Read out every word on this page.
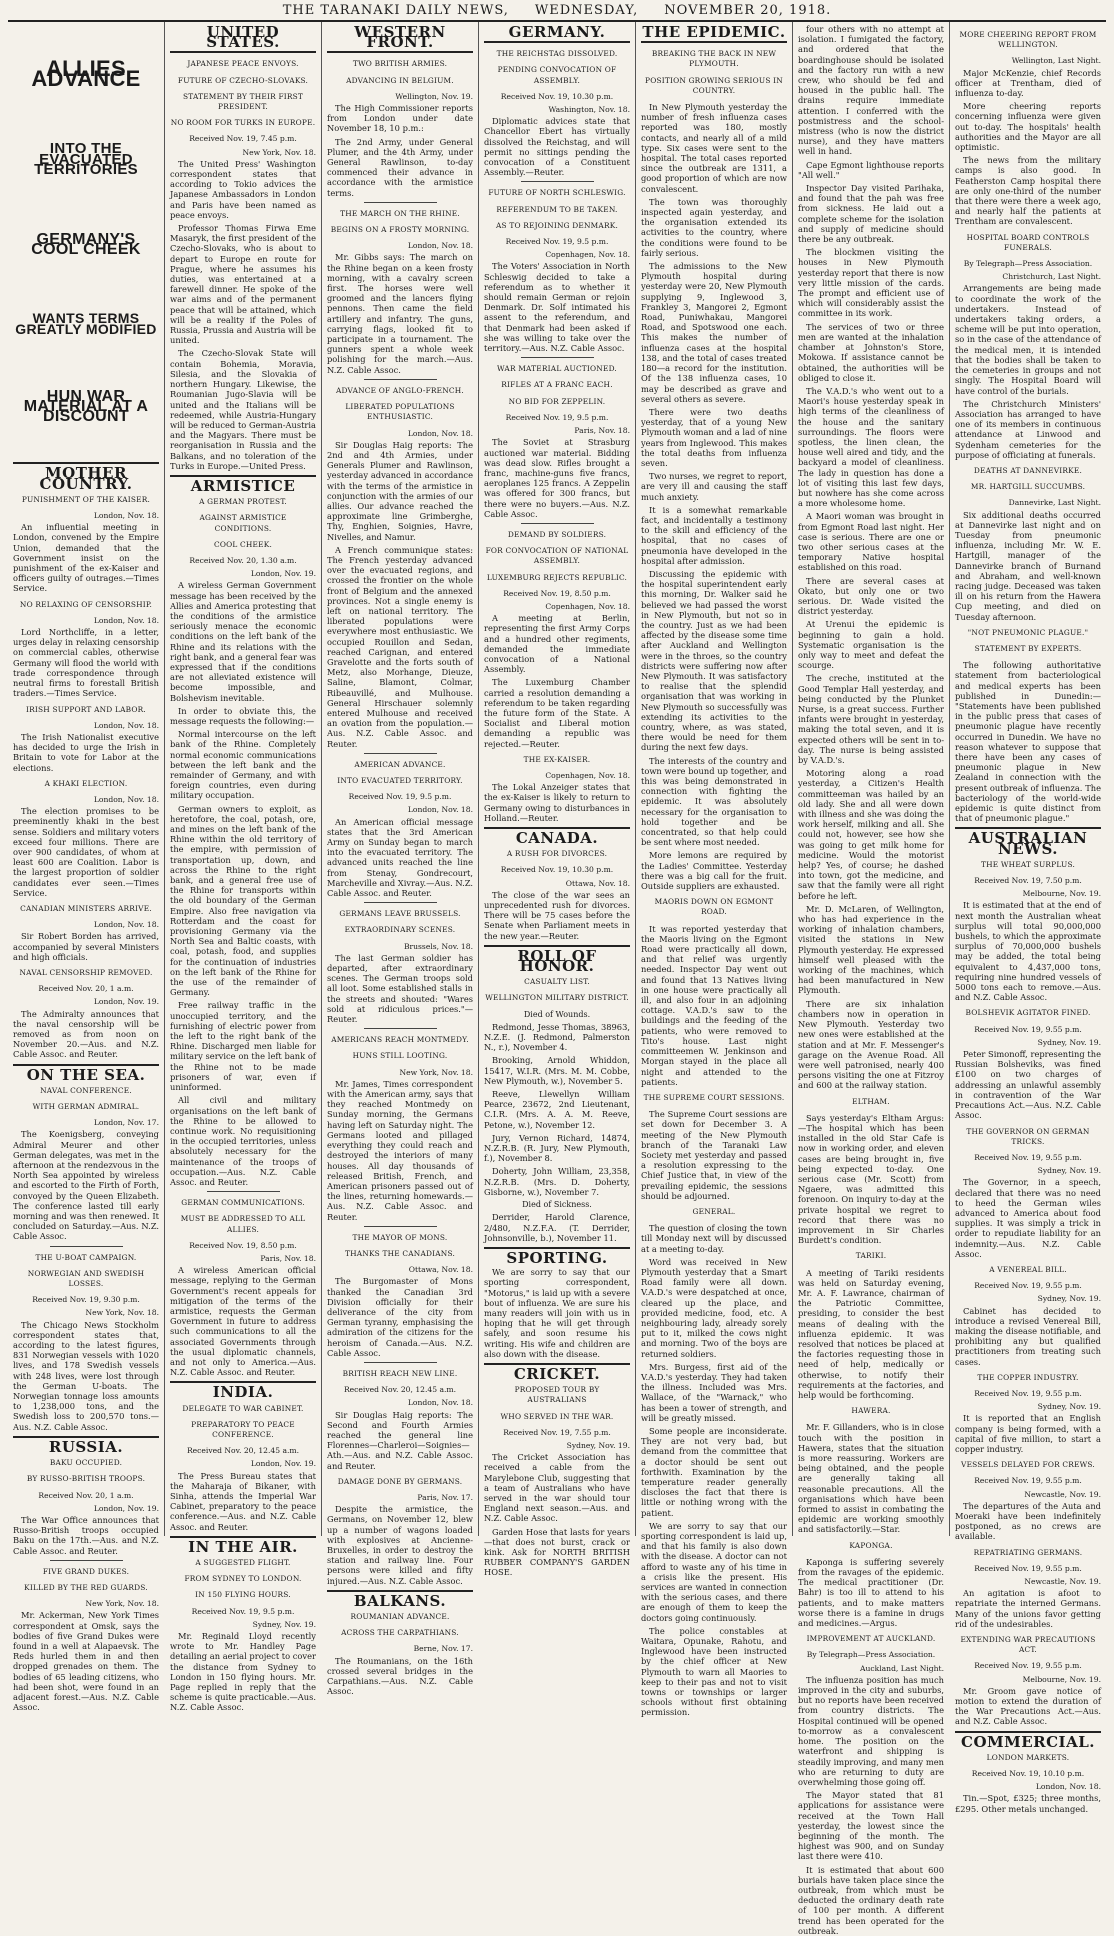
THE TARANAKI DAILY NEWS, WEDNESDAY, NOVEMBER 20, 1918.
ALLIES ADVANCE
INTO THE EVACUATED TERRITORIES
GERMANY'S COOL CHEEK
WANTS TERMS GREATLY MODIFIED
HUN WAR MATERIAL AT A DISCOUNT
MOTHER COUNTRY.
PUNISHMENT OF THE KAISER.
London, Nov. 18.

An influential meeting in London, convened by the Empire Union, demanded that the Government insist on the punishment of the ex-Kaiser and officers guilty of outrages.—Times Service.

NO RELAXING OF CENSORSHIP.
London, Nov. 18.

Lord Northcliffe, in a letter, urges delay in relaxing censorship on commercial cables, otherwise Germany will flood the world with trade correspondence through neutral firms to forestall British traders.—Times Service.

IRISH SUPPORT AND LABOR.
London, Nov. 18.

The Irish Nationalist executive has decided to urge the Irish in Britain to vote for Labor at the elections.

A KHAKI ELECTION.
London, Nov. 18.

The election promises to be preeminently khaki in the best sense. Soldiers and military voters exceed four millions. There are over 900 candidates, of whom at least 600 are Coalition. Labor is the largest proportion of soldier candidates ever seen.—Times Service.

CANADIAN MINISTERS ARRIVE.
London, Nov. 18.

Sir Robert Borden has arrived, accompanied by several Ministers and high officials.

NAVAL CENSORSHIP REMOVED.
Received Nov. 20, 1 a.m.
London, Nov. 19.

The Admiralty announces that the naval censorship will be removed as from noon on November 20.—Aus. and N.Z. Cable Assoc. and Reuter.

ON THE SEA.
NAVAL CONFERENCE.
WITH GERMAN ADMIRAL.
London, Nov. 17.

The Koenigsberg, conveying Admiral Meurer and other German delegates, was met in the afternoon at the rendezvous in the North Sea appointed by wireless and escorted to the Firth of Forth, convoyed by the Queen Elizabeth. The conference lasted till early morning and was then renewed. It concluded on Saturday.—Aus. N.Z. Cable Assoc.

THE U-BOAT CAMPAIGN.
NORWEGIAN AND SWEDISH LOSSES.
Received Nov. 19, 9.30 p.m.
New York, Nov. 18.

The Chicago News Stockholm correspondent states that, according to the latest figures, 831 Norwegian vessels with 1020 lives, and 178 Swedish vessels with 248 lives, were lost through the German U-boats. The Norwegian tonnage loss amounts to 1,238,000 tons, and the Swedish loss to 200,570 tons.—Aus. N.Z. Cable Assoc.

RUSSIA.
BAKU OCCUPIED.
BY RUSSO-BRITISH TROOPS.
Received Nov. 20, 1 a.m.
London, Nov. 19.

The War Office announces that Russo-British troops occupied Baku on the 17th.—Aus. and N.Z. Cable Assoc. and Reuter.

FIVE GRAND DUKES.
KILLED BY THE RED GUARDS.
New York, Nov. 18.

Mr. Ackerman, New York Times correspondent at Omsk, says the bodies of five Grand Dukes were found in a well at Alapaevsk. The Reds hurled them in and then dropped grenades on them. The bodies of 65 leading citizens, who had been shot, were found in an adjacent forest.—Aus. N.Z. Cable Assoc.

UNITED STATES.
JAPANESE PEACE ENVOYS.
FUTURE OF CZECHO-SLOVAKS.
STATEMENT BY THEIR FIRST PRESIDENT.
NO ROOM FOR TURKS IN EUROPE.
Received Nov. 19, 7.45 p.m.
New York, Nov. 18.

The United Press' Washington correspondent states that according to Tokio advices the Japanese Ambassadors in London and Paris have been named as peace envoys.

Professor Thomas Firwa Eme Masaryk, the first president of the Czecho-Slovaks, who is about to depart to Europe en route for Prague, where he assumes his duties, was entertained at a farewell dinner. He spoke of the war aims and of the permanent peace that will be attained, which will be a reality if the Poles of Russia, Prussia and Austria will be united.

The Czecho-Slovak State will contain Bohemia, Moravia, Silesia, and the Slovakia of northern Hungary. Likewise, the Roumanian Jugo-Slavia will be united and the Italians will be redeemed, while Austria-Hungary will be reduced to German-Austria and the Magyars. There must be reorganisation in Russia and the Balkans, and no toleration of the Turks in Europe.—United Press.

ARMISTICE
A GERMAN PROTEST.
AGAINST ARMISTICE CONDITIONS.
COOL CHEEK.
Received Nov. 20, 1.30 a.m.
London, Nov. 19.

A wireless German Government message has been received by the Allies and America protesting that the conditions of the armistice seriously menace the economic conditions on the left bank of the Rhine and its relations with the right bank, and a general fear was expressed that if the conditions are not alleviated existence will become impossible, and Bolshevism inevitable.

In order to obviate this, the message requests the following:—

Normal intercourse on the left bank of the Rhine. Completely normal economic communications between the left bank and the remainder of Germany, and with foreign countries, even during military occupation.

German owners to exploit, as heretofore, the coal, potash, ore, and mines on the left bank of the Rhine within the old territory of the empire, with permission of transportation up, down, and across the Rhine to the right bank, and a general free use of the Rhine for transports within the old boundary of the German Empire. Also free navigation via Rotterdam and the coast for provisioning Germany via the North Sea and Baltic coasts, with coal, potash, food, and supplies for the continuation of industries on the left bank of the Rhine for the use of the remainder of Germany.

Free railway traffic in the unoccupied territory, and the furnishing of electric power from the left to the right bank of the Rhine. Discharged men liable for military service on the left bank of the Rhine not to be made prisoners of war, even if uninformed.

All civil and military organisations on the left bank of the Rhine to be allowed to continue work. No requisitioning in the occupied territories, unless absolutely necessary for the maintenance of the troops of occupation.—Aus. N.Z. Cable Assoc. and Reuter.

GERMAN COMMUNICATIONS.
MUST BE ADDRESSED TO ALL ALLIES.
Received Nov. 19, 8.50 p.m.
Paris, Nov. 18.

A wireless American official message, replying to the German Government's recent appeals for mitigation of the terms of the armistice, requests the German Government in future to address such communications to all the associated Governments through the usual diplomatic channels, and not only to America.—Aus. N.Z. Cable Assoc. and Reuter.

INDIA.
DELEGATE TO WAR CABINET.
PREPARATORY TO PEACE CONFERENCE.
Received Nov. 20, 12.45 a.m.
London, Nov. 19.

The Press Bureau states that the Maharaja of Bikaner, with Sinha, attends the Imperial War Cabinet, preparatory to the peace conference.—Aus. and N.Z. Cable Assoc. and Reuter.

IN THE AIR.
A SUGGESTED FLIGHT.
FROM SYDNEY TO LONDON.
IN 150 FLYING HOURS.
Received Nov. 19, 9.5 p.m.
Sydney, Nov. 19.

Mr. Reginald Lloyd recently wrote to Mr. Handley Page detailing an aerial project to cover the distance from Sydney to London in 150 flying hours. Mr. Page replied in reply that the scheme is quite practicable.—Aus. N.Z. Cable Assoc.

WESTERN FRONT.
TWO BRITISH ARMIES.
ADVANCING IN BELGIUM.
Wellington, Nov. 19.

The High Commissioner reports from London under date November 18, 10 p.m.:

The 2nd Army, under General Plumer, and the 4th Army, under General Rawlinson, to-day commenced their advance in accordance with the armistice terms.

THE MARCH ON THE RHINE.
BEGINS ON A FROSTY MORNING.
London, Nov. 18.

Mr. Gibbs says: The march on the Rhine began on a keen frosty morning, with a cavalry screen first. The horses were well groomed and the lancers flying pennons. Then came the field artillery and infantry. The guns, carrying flags, looked fit to participate in a tournament. The gunners spent a whole week polishing for the march.—Aus. N.Z. Cable Assoc.

ADVANCE OF ANGLO-FRENCH.
LIBERATED POPULATIONS ENTHUSIASTIC.
London, Nov. 18.

Sir Douglas Haig reports: The 2nd and 4th Armies, under Generals Plumer and Rawlinson, yesterday advanced in accordance with the terms of the armistice in conjunction with the armies of our allies. Our advance reached the approximate line Grimberghe, Thy, Enghien, Soignies, Havre, Nivelles, and Namur.

A French communique states: The French yesterday advanced over the evacuated regions, and crossed the frontier on the whole front of Belgium and the annexed provinces. Not a single enemy is left on national territory. The liberated populations were everywhere most enthusiastic. We occupied Rouillon and Sedan, reached Carignan, and entered Gravelotte and the forts south of Metz, also Morhange, Dieuze, Saline, Blamont, Colmar, Ribeauvillé, and Mulhouse. General Hirschauer solemnly entered Mulhouse and received an ovation from the population.—Aus. N.Z. Cable Assoc. and Reuter.

AMERICAN ADVANCE.
INTO EVACUATED TERRITORY.
Received Nov. 19, 9.5 p.m.
London, Nov. 18.

An American official message states that the 3rd American Army on Sunday began to march into the evacuated territory. The advanced units reached the line from Stenay, Gondrecourt, Marcheville and Xivray.—Aus. N.Z. Cable Assoc. and Reuter.

GERMANS LEAVE BRUSSELS.
EXTRAORDINARY SCENES.
Brussels, Nov. 18.

The last German soldier has departed, after extraordinary scenes. The German troops sold all loot. Some established stalls in the streets and shouted: "Wares sold at ridiculous prices."—Reuter.

AMERICANS REACH MONTMEDY.
HUNS STILL LOOTING.
New York, Nov. 18.

Mr. James, Times correspondent with the American army, says that they reached Montmedy on Sunday morning, the Germans having left on Saturday night. The Germans looted and pillaged everything they could reach and destroyed the interiors of many houses. All day thousands of released British, French, and American prisoners passed out of the lines, returning homewards.—Aus. N.Z. Cable Assoc. and Reuter.

THE MAYOR OF MONS.
THANKS THE CANADIANS.
Ottawa, Nov. 18.

The Burgomaster of Mons thanked the Canadian 3rd Division officially for their deliverance of the city from German tyranny, emphasising the admiration of the citizens for the heroism of Canada.—Aus. N.Z. Cable Assoc.

BRITISH REACH NEW LINE.
Received Nov. 20, 12.45 a.m.
London, Nov. 18.

Sir Douglas Haig reports: The Second and Fourth Armies reached the general line Florennes—Charleroi—Soignies—Ath.—Aus. and N.Z. Cable Assoc. and Reuter.

DAMAGE DONE BY GERMANS.
Paris, Nov. 17.

Despite the armistice, the Germans, on November 12, blew up a number of wagons loaded with explosives at Ancienne-Bruxelles, in order to destroy the station and railway line. Four persons were killed and fifty injured.—Aus. N.Z. Cable Assoc.

BALKANS.
ROUMANIAN ADVANCE.
ACROSS THE CARPATHIANS.
Berne, Nov. 17.

The Roumanians, on the 16th crossed several bridges in the Carpathians.—Aus. N.Z. Cable Assoc.

GERMANY.
THE REICHSTAG DISSOLVED.
PENDING CONVOCATION OF ASSEMBLY.
Received Nov. 19, 10.30 p.m.
Washington, Nov. 18.

Diplomatic advices state that Chancellor Ebert has virtually dissolved the Reichstag, and will permit no sittings pending the convocation of a Constituent Assembly.—Reuter.

FUTURE OF NORTH SCHLESWIG.
REFERENDUM TO BE TAKEN.
AS TO REJOINING DENMARK.
Received Nov. 19, 9.5 p.m.
Copenhagen, Nov. 18.

The Voters' Association in North Schleswig decided to take a referendum as to whether it should remain German or rejoin Denmark. Dr. Solf intimated his assent to the referendum, and that Denmark had been asked if she was willing to take over the territory.—Aus. N.Z. Cable Assoc.

WAR MATERIAL AUCTIONED.
RIFLES AT A FRANC EACH.
NO BID FOR ZEPPELIN.
Received Nov. 19, 9.5 p.m.
Paris, Nov. 18.

The Soviet at Strasburg auctioned war material. Bidding was dead slow. Rifles brought a franc, machine-guns five francs, aeroplanes 125 francs. A Zeppelin was offered for 300 francs, but there were no buyers.—Aus. N.Z. Cable Assoc.

DEMAND BY SOLDIERS.
FOR CONVOCATION OF NATIONAL ASSEMBLY.
LUXEMBURG REJECTS REPUBLIC.
Received Nov. 19, 8.50 p.m.
Copenhagen, Nov. 18.

A meeting at Berlin, representing the first Army Corps and a hundred other regiments, demanded the immediate convocation of a National Assembly.

The Luxemburg Chamber carried a resolution demanding a referendum to be taken regarding the future form of the State. A Socialist and Liberal motion demanding a republic was rejected.—Reuter.

THE EX-KAISER.
Copenhagen, Nov. 18.

The Lokal Anzeiger states that the ex-Kaiser is likely to return to Germany owing to disturbances in Holland.—Reuter.

CANADA.
A RUSH FOR DIVORCES.
Received Nov. 19, 10.30 p.m.
Ottawa, Nov. 18.

The close of the war sees an unprecedented rush for divorces. There will be 75 cases before the Senate when Parliament meets in the new year.—Reuter.

ROLL OF HONOR.
CASUALTY LIST.
WELLINGTON MILITARY DISTRICT.
Died of Wounds.

Redmond, Jesse Thomas, 38963, N.Z.E. (J. Redmond, Palmerston N., r.), November 4.

Brooking, Arnold Whiddon, 15417, W.I.R. (Mrs. M. M. Cobbe, New Plymouth, w.), November 5.

Reeve, Llewellyn William Pearce, 23672, 2nd Lieutenant, C.I.R. (Mrs. A. A. M. Reeve, Petone, w.), November 12.

Jury, Vernon Richard, 14874, N.Z.R.B. (R. Jury, New Plymouth, f.), November 8.

Doherty, John William, 23,358, N.Z.R.B. (Mrs. D. Doherty, Gisborne, w.), November 7.

Died of Sickness.

Derrider, Harold Clarence, 2/480, N.Z.F.A. (T. Derrider, Johnsonville, b.), November 11.

SPORTING.

We are sorry to say that our sporting correspondent, "Motorus," is laid up with a severe bout of influenza. We are sure his many readers will join with us in hoping that he will get through safely, and soon resume his writing. His wife and children are also down with the disease.

CRICKET.
PROPOSED TOUR BY AUSTRALIANS
WHO SERVED IN THE WAR.
Received Nov. 19, 7.55 p.m.
Sydney, Nov. 19.

The Cricket Association has received a cable from the Marylebone Club, suggesting that a team of Australians who have served in the war should tour England next season.—Aus. and N.Z. Cable Assoc.

Garden Hose that lasts for years—that does not burst, crack or kink. Ask for NORTH BRITISH RUBBER COMPANY'S GARDEN HOSE.

THE EPIDEMIC.
BREAKING THE BACK IN NEW PLYMOUTH.
POSITION GROWING SERIOUS IN COUNTRY.

In New Plymouth yesterday the number of fresh influenza cases reported was 180, mostly contacts, and nearly all of a mild type. Six cases were sent to the hospital. The total cases reported since the outbreak are 1311, a good proportion of which are now convalescent.

The town was thoroughly inspected again yesterday, and the organisation extended its activities to the country, where the conditions were found to be fairly serious.

The admissions to the New Plymouth hospital during yesterday were 20, New Plymouth supplying 9, Inglewood 3, Frankley 3, Mangorei 2, Egmont Road, Puniwhakau, Mangorei Road, and Spotswood one each. This makes the number of influenza cases at the hospital 138, and the total of cases treated 180—a record for the institution. Of the 138 influenza cases, 10 may be described as grave and several others as severe.

There were two deaths yesterday, that of a young New Plymouth woman and a lad of nine years from Inglewood. This makes the total deaths from influenza seven.

Two nurses, we regret to report, are very ill and causing the staff much anxiety.

It is a somewhat remarkable fact, and incidentally a testimony to the skill and efficiency of the hospital, that no cases of pneumonia have developed in the hospital after admission.

Discussing the epidemic with the hospital superintendent early this morning, Dr. Walker said he believed we had passed the worst in New Plymouth, but not so in the country. Just as we had been affected by the disease some time after Auckland and Wellington were in the throes, so the country districts were suffering now after New Plymouth. It was satisfactory to realise that the splendid organisation that was working in New Plymouth so successfully was extending its activities to the country, where, as was stated, there would be need for them during the next few days.

The interests of the country and town were bound up together, and this was being demonstrated in connection with fighting the epidemic. It was absolutely necessary for the organisation to hold together and be concentrated, so that help could be sent where most needed.

More lemons are required by the Ladies' Committee. Yesterday there was a big call for the fruit. Outside suppliers are exhausted.

MAORIS DOWN ON EGMONT ROAD.

It was reported yesterday that the Maoris living on the Egmont Road were practically all down, and that relief was urgently needed. Inspector Day went out and found that 13 Natives living in one house were practically all ill, and also four in an adjoining cottage. V.A.D.'s saw to the buildings and the feeding of the patients, who were removed to Tito's house. Last night committeemen W. Jenkinson and Morgan stayed in the place all night and attended to the patients.

THE SUPREME COURT SESSIONS.

The Supreme Court sessions are set down for December 3. A meeting of the New Plymouth branch of the Taranaki Law Society met yesterday and passed a resolution expressing to the Chief Justice that, in view of the prevailing epidemic, the sessions should be adjourned.

GENERAL.

The question of closing the town till Monday next will by discussed at a meeting to-day.

Word was received in New Plymouth yesterday that a Smart Road family were all down. V.A.D.'s were despatched at once, cleared up the place, and provided medicine, food, etc. A neighbouring lady, already sorely put to it, milked the cows night and morning. Two of the boys are returned soldiers.

Mrs. Burgess, first aid of the V.A.D.'s yesterday. They had taken the illness. Included was Mrs. Wallace, of the "Warnack," who has been a tower of strength, and will be greatly missed.

Some people are inconsiderate. They are not very bad, but demand from the committee that a doctor should be sent out forthwith. Examination by the temperature reader generally discloses the fact that there is little or nothing wrong with the patient.

We are sorry to say that our sporting correspondent is laid up, and that his family is also down with the disease. A doctor can not afford to waste any of his time in a crisis like the present. His services are wanted in connection with the serious cases, and there are enough of them to keep the doctors going continuously.

The police constables at Waitara, Opunake, Rahotu, and Inglewood have been instructed by the chief officer at New Plymouth to warn all Maories to keep to their pas and not to visit towns or townships or larger schools without first obtaining permission.

four others with no attempt at isolation. I fumigated the factory, and ordered that the boardinghouse should be isolated and the factory run with a new crew, who should be fed and housed in the public hall. The drains require immediate attention. I conferred with the postmistress and the school-mistress (who is now the district nurse), and they have matters well in hand.

Cape Egmont lighthouse reports "All well."

Inspector Day visited Parihaka, and found that the pah was free from sickness. He laid out a complete scheme for the isolation and supply of medicine should there be any outbreak.

The blockmen visiting the houses in New Plymouth yesterday report that there is now very little mission of the cards. The prompt and efficient use of which will considerably assist the committee in its work.

The services of two or three men are wanted at the inhalation chamber at Johnston's Store, Mokowa. If assistance cannot be obtained, the authorities will be obliged to close it.

The V.A.D.'s who went out to a Maori's house yesterday speak in high terms of the cleanliness of the house and the sanitary surroundings. The floors were spotless, the linen clean, the house well aired and tidy, and the backyard a model of cleanliness. The lady in question has done a lot of visiting this last few days, but nowhere has she come across a more wholesome home.

A Maori woman was brought in from Egmont Road last night. Her case is serious. There are one or two other serious cases at the temporary Native hospital established on this road.

There are several cases at Okato, but only one or two serious. Dr. Wade visited the district yesterday.

At Urenui the epidemic is beginning to gain a hold. Systematic organisation is the only way to meet and defeat the scourge.

The creche, instituted at the Good Templar Hall yesterday, and being conducted by the Plunket Nurse, is a great success. Further infants were brought in yesterday, making the total seven, and it is expected others will be sent in to-day. The nurse is being assisted by V.A.D.'s.

Motoring along a road yesterday, a Citizen's Health committeeman was hailed by an old lady. She and all were down with illness and she was doing the work herself, milking and all. She could not, however, see how she was going to get milk home for medicine. Would the motorist help? Yes, of course; he dashed into town, got the medicine, and saw that the family were all right before he left.

Mr. D. McLaren, of Wellington, who has had experience in the working of inhalation chambers, visited the stations in New Plymouth yesterday. He expressed himself well pleased with the working of the machines, which had been manufactured in New Plymouth.

There are six inhalation chambers now in operation in New Plymouth. Yesterday two new ones were established at the station and at Mr. F. Messenger's garage on the Avenue Road. All were well patronised, nearly 400 persons visiting the one at Fitzroy and 600 at the railway station.

ELTHAM.

Says yesterday's Eltham Argus:—The hospital which has been installed in the old Star Cafe is now in working order, and eleven cases are being brought in, five being expected to-day. One serious case (Mr. Scott) from Ngaere, was admitted this forenoon. On inquiry to-day at the private hospital we regret to record that there was no improvement in Sir Charles Burdett's condition.

TARIKI.

A meeting of Tariki residents was held on Saturday evening, Mr. A. F. Lawrance, chairman of the Patriotic Committee, presiding, to consider the best means of dealing with the influenza epidemic. It was resolved that notices be placed at the factories requesting those in need of help, medically or otherwise, to notify their requirements at the factories, and help would be forthcoming.

HAWERA.

Mr. F. Gillanders, who is in close touch with the position in Hawera, states that the situation is more reassuring. Workers are being obtained, and the people are generally taking all reasonable precautions. All the organisations which have been formed to assist in combating the epidemic are working smoothly and satisfactorily.—Star.

KAPONGA.

Kaponga is suffering severely from the ravages of the epidemic. The medical practitioner (Dr. Bahr) is too ill to attend to his patients, and to make matters worse there is a famine in drugs and medicines.—Argus.

IMPROVEMENT AT AUCKLAND.
By Telegraph—Press Association.
Auckland, Last Night.

The influenza position has much improved in the city and suburbs, but no reports have been received from country districts. The Hospital continued will be opened to-morrow as a convalescent home. The position on the waterfront and shipping is steadily improving, and many men who are returning to duty are overwhelming those going off.

The Mayor stated that 81 applications for assistance were received at the Town Hall yesterday, the lowest since the beginning of the month. The highest was 900, and on Sunday last there were 410.

It is estimated that about 600 burials have taken place since the outbreak, from which must be deducted the ordinary death rate of 100 per month. A different trend has been operated for the outbreak.

MORE CHEERING REPORT FROM WELLINGTON.
Wellington, Last Night.

Major McKenzie, chief Records officer at Trentham, died of influenza to-day.

More cheering reports concerning influenza were given out to-day. The hospitals' health authorities and the Mayor are all optimistic.

The news from the military camps is also good. In Featherston Camp hospital there are only one-third of the number that there were there a week ago, and nearly half the patients at Trentham are convalescent.

HOSPITAL BOARD CONTROLS FUNERALS.
By Telegraph—Press Association.
Christchurch, Last Night.

Arrangements are being made to coordinate the work of the undertakers. Instead of undertakers taking orders, a scheme will be put into operation, so in the case of the attendance of the medical men, it is intended that the bodies shall be taken to the cemeteries in groups and not singly. The Hospital Board will have control of the burials.

The Christchurch Ministers' Association has arranged to have one of its members in continuous attendance at Linwood and Sydenham cemeteries for the purpose of officiating at funerals.

DEATHS AT DANNEVIRKE.
MR. HARTGILL SUCCUMBS.
Dannevirke, Last Night.

Six additional deaths occurred at Dannevirke last night and on Tuesday from pneumonic influenza, including Mr. W. E. Hartgill, manager of the Dannevirke branch of Burnand and Abraham, and well-known racing judge. Deceased was taken ill on his return from the Hawera Cup meeting, and died on Tuesday afternoon.

"NOT PNEUMONIC PLAGUE."
STATEMENT BY EXPERTS.

The following authoritative statement from bacteriological and medical experts has been published in Dunedin:— "Statements have been published in the public press that cases of pneumonic plague have recently occurred in Dunedin. We have no reason whatever to suppose that there have been any cases of pneumonic plague in New Zealand in connection with the present outbreak of influenza. The bacteriology of the world-wide epidemic is quite distinct from that of pneumonic plague."

AUSTRALIAN NEWS.
THE WHEAT SURPLUS.
Received Nov. 19, 7.50 p.m.
Melbourne, Nov. 19.

It is estimated that at the end of next month the Australian wheat surplus will total 90,000,000 bushels, to which the approximate surplus of 70,000,000 bushels may be added, the total being equivalent to 4,437,000 tons, requiring nine hundred vessels of 5000 tons each to remove.—Aus. and N.Z. Cable Assoc.

BOLSHEVIK AGITATOR FINED.
Received Nov. 19, 9.55 p.m.
Sydney, Nov. 19.

Peter Simonoff, representing the Russian Bolsheviks, was fined £100 on two charges of addressing an unlawful assembly in contravention of the War Precautions Act.—Aus. N.Z. Cable Assoc.

THE GOVERNOR ON GERMAN TRICKS.
Received Nov. 19, 9.55 p.m.
Sydney, Nov. 19.

The Governor, in a speech, declared that there was no need to heed the German wiles advanced to America about food supplies. It was simply a trick in order to repudiate liability for an indemnity.—Aus. N.Z. Cable Assoc.

A VENEREAL BILL.
Received Nov. 19, 9.55 p.m.
Sydney, Nov. 19.

Cabinet has decided to introduce a revised Venereal Bill, making the disease notifiable, and prohibiting any but qualified practitioners from treating such cases.

THE COPPER INDUSTRY.
Received Nov. 19, 9.55 p.m.
Sydney, Nov. 19.

It is reported that an English company is being formed, with a capital of five million, to start a copper industry.

VESSELS DELAYED FOR CREWS.
Received Nov. 19, 9.55 p.m.
Newcastle, Nov. 19.

The departures of the Auta and Moeraki have been indefinitely postponed, as no crews are available.

REPATRIATING GERMANS.
Received Nov. 19, 9.55 p.m.
Newcastle, Nov. 19.

An agitation is afoot to repatriate the interned Germans. Many of the unions favor getting rid of the undesirables.

EXTENDING WAR PRECAUTIONS ACT.
Received Nov. 19, 9.55 p.m.
Melbourne, Nov. 19.

Mr. Groom gave notice of motion to extend the duration of the War Precautions Act.—Aus. and N.Z. Cable Assoc.

COMMERCIAL.
LONDON MARKETS.
Received Nov. 19, 10.10 p.m.
London, Nov. 18.

Tin.—Spot, £325; three months, £295. Other metals unchanged.
